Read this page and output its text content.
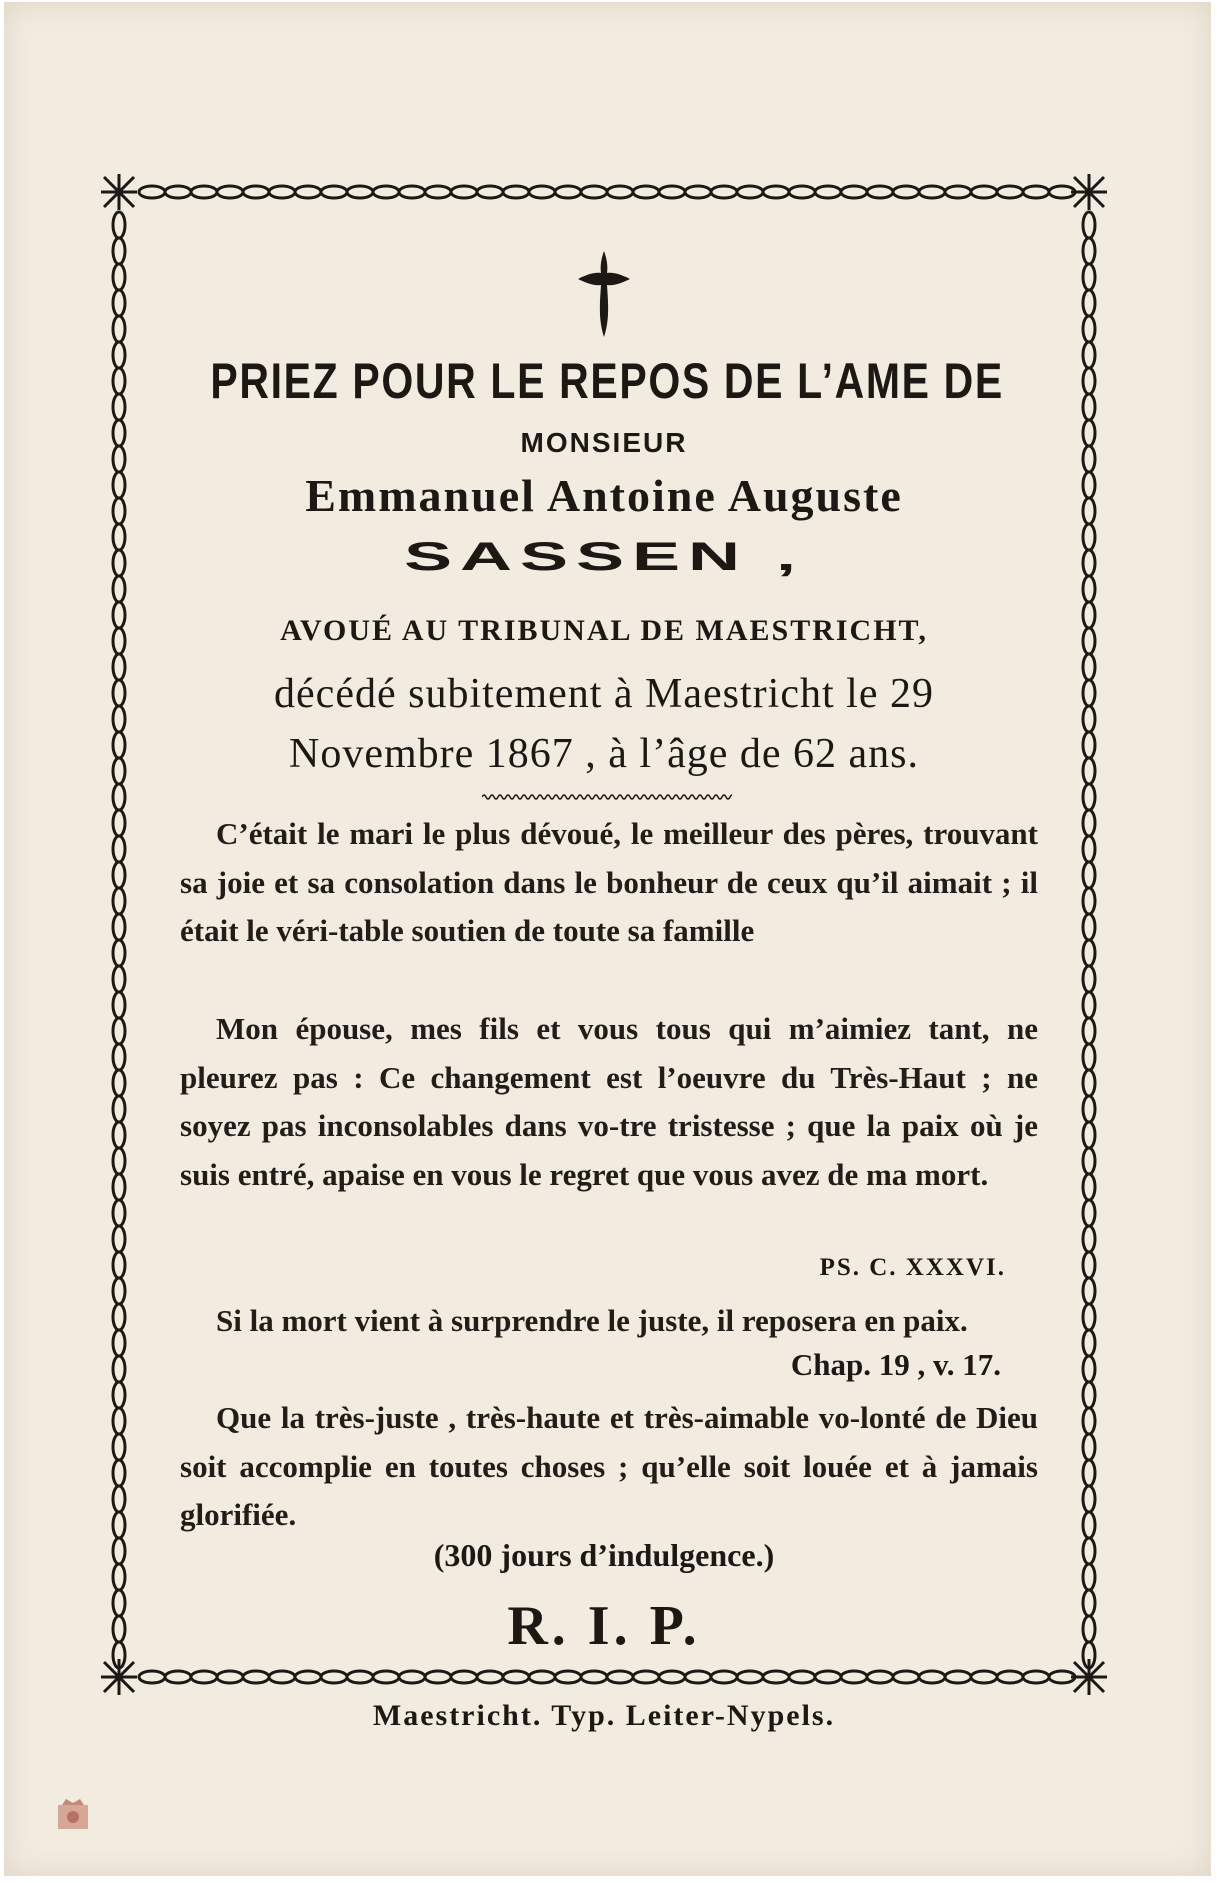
PRIEZ POUR LE REPOS DE L’AME DE
MONSIEUR
Emmanuel Antoine Auguste
SASSEN ,
AVOUÉ AU TRIBUNAL DE MAESTRICHT,
décédé subitement à Maestricht le 29
Novembre 1867 , à l’âge de 62 ans.
C’était le mari le plus dévoué, le meilleur des pères, trouvant sa joie et sa consolation dans le bonheur de ceux qu’il aimait ; il était le véri-table soutien de toute sa famille
Mon épouse, mes fils et vous tous qui m’aimiez tant, ne pleurez pas : Ce changement est l’oeuvre du Très-Haut ; ne soyez pas inconsolables dans vo-tre tristesse ; que la paix où je suis entré, apaise en vous le regret que vous avez de ma mort.
PS. C. XXXVI.
Si la mort vient à surprendre le juste, il reposera en paix.
Chap. 19 , v. 17.
Que la très-juste , très-haute et très-aimable vo-lonté de Dieu soit accomplie en toutes choses ; qu’elle soit louée et à jamais glorifiée.
(300 jours d’indulgence.)
R. I. P.
Maestricht. Typ. Leiter-Nypels.
